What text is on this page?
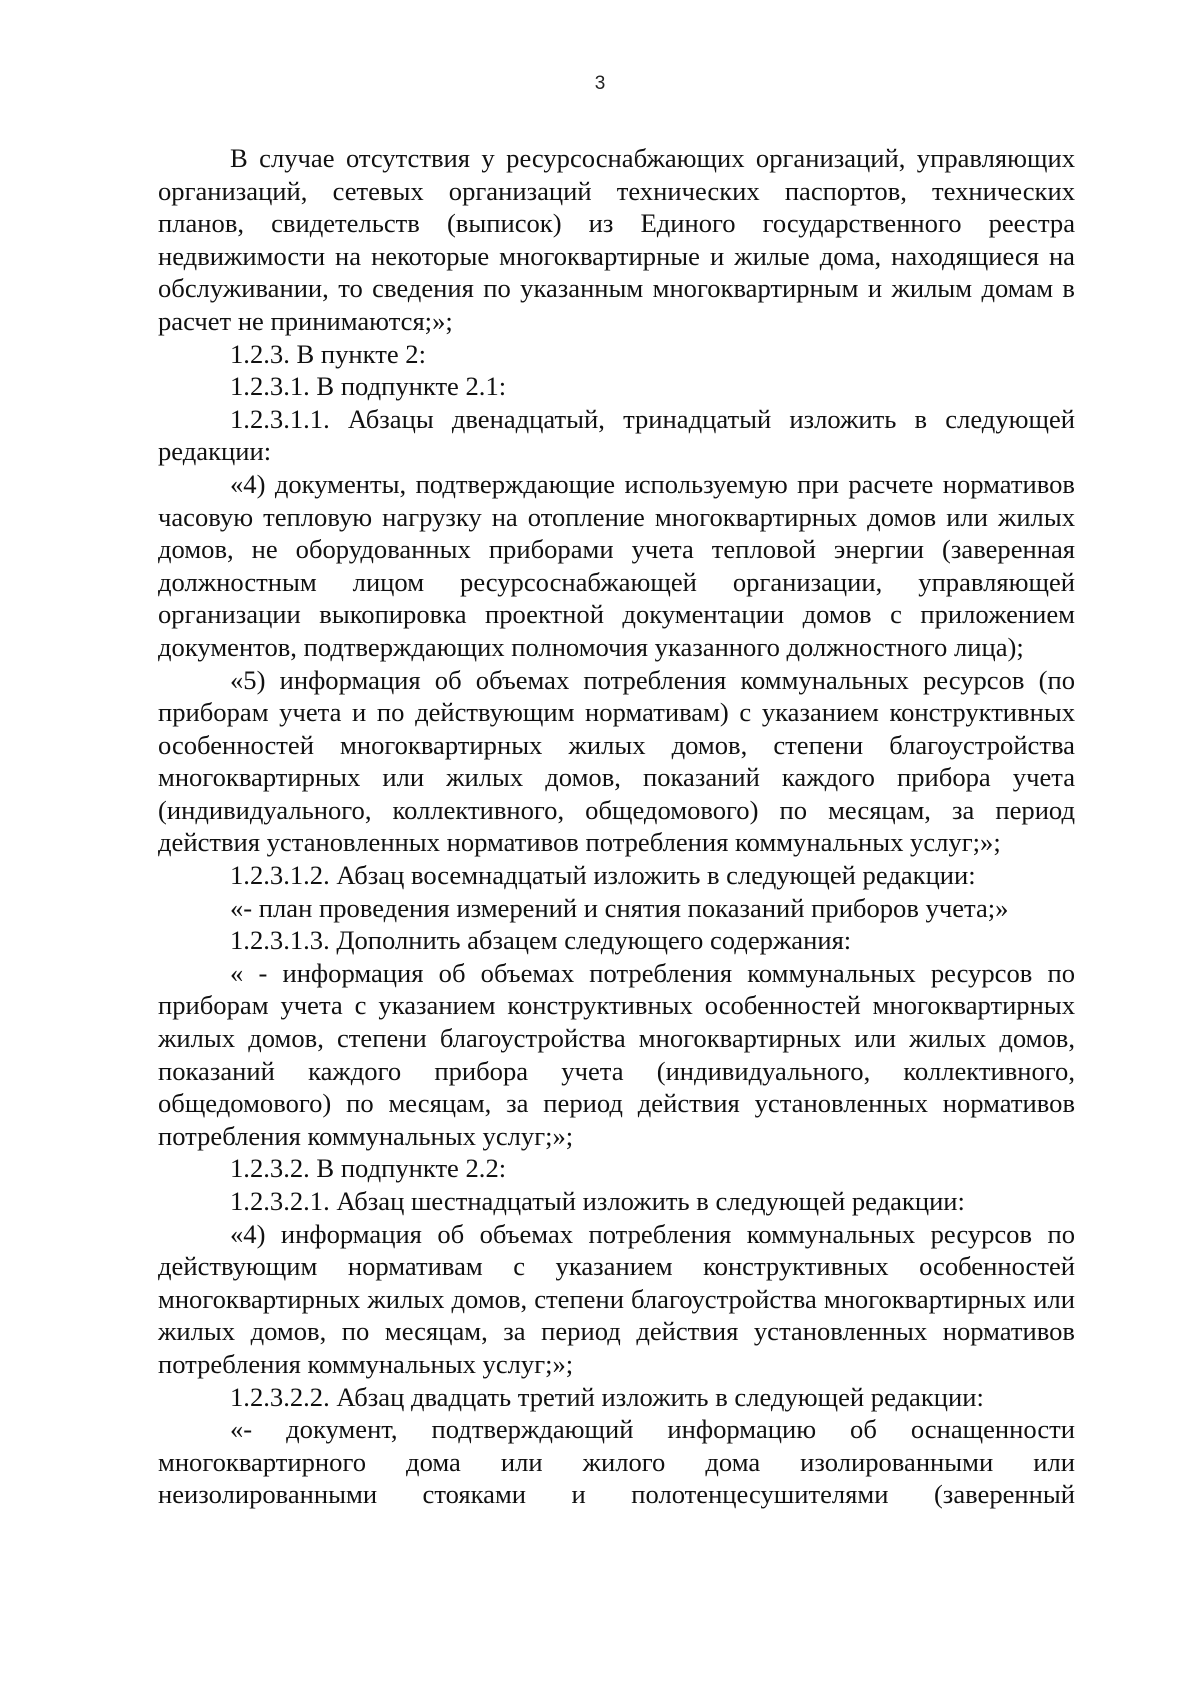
3

В случае отсутствия у ресурсоснабжающих организаций, управляющих организаций, сетевых организаций технических паспортов, технических планов, свидетельств (выписок) из Единого государственного реестра недвижимости на некоторые многоквартирные и жилые дома, находящиеся на обслуживании, то сведения по указанным многоквартирным и жилым домам в расчет не принимаются;»;

1.2.3. В пункте 2:

1.2.3.1. В подпункте 2.1:

1.2.3.1.1. Абзацы двенадцатый, тринадцатый изложить в следующей редакции:

«4) документы, подтверждающие используемую при расчете нормативов часовую тепловую нагрузку на отопление многоквартирных домов или жилых домов, не оборудованных приборами учета тепловой энергии (заверенная должностным лицом ресурсоснабжающей организации, управляющей организации выкопировка проектной документации домов с приложением документов, подтверждающих полномочия указанного должностного лица);

«5) информация об объемах потребления коммунальных ресурсов (по приборам учета и по действующим нормативам) с указанием конструктивных особенностей многоквартирных жилых домов, степени благоустройства многоквартирных или жилых домов, показаний каждого прибора учета (индивидуального, коллективного, общедомового) по месяцам, за период действия установленных нормативов потребления коммунальных услуг;»;

1.2.3.1.2. Абзац восемнадцатый изложить в следующей редакции:

«- план проведения измерений и снятия показаний приборов учета;»

1.2.3.1.3. Дополнить абзацем следующего содержания:

« - информация об объемах потребления коммунальных ресурсов по приборам учета с указанием конструктивных особенностей многоквартирных жилых домов, степени благоустройства многоквартирных или жилых домов, показаний каждого прибора учета (индивидуального, коллективного, общедомового) по месяцам, за период действия установленных нормативов потребления коммунальных услуг;»;

1.2.3.2. В подпункте 2.2:

1.2.3.2.1. Абзац шестнадцатый изложить в следующей редакции:

«4) информация об объемах потребления коммунальных ресурсов по действующим нормативам с указанием конструктивных особенностей многоквартирных жилых домов, степени благоустройства многоквартирных или жилых домов, по месяцам, за период действия установленных нормативов потребления коммунальных услуг;»;

1.2.3.2.2. Абзац двадцать третий изложить в следующей редакции:

«- документ, подтверждающий информацию об оснащенности многоквартирного дома или жилого дома изолированными или неизолированными стояками и полотенцесушителями (заверенный
